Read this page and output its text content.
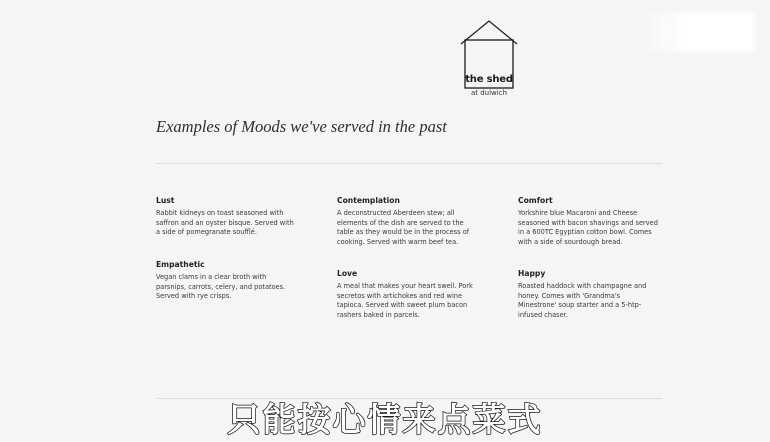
the shed
at dulwich
Examples of Moods we've served in the past
Lust
Rabbit kidneys on toast seasoned with saffron and an oyster bisque. Served with a side of pomegranate soufflé.
Empathetic
Vegan clams in a clear broth with parsnips, carrots, celery, and potatoes. Served with rye crisps.
Contemplation
A deconstructed Aberdeen stew; all elements of the dish are served to the table as they would be in the process of cooking. Served with warm beef tea.
Love
A meal that makes your heart swell. Pork secretos with artichokes and red wine tapioca. Served with sweet plum bacon rashers baked in parcels.
Comfort
Yorkshire blue Macaroni and Cheese seasoned with bacon shavings and served in a 600TC Egyptian cotton bowl. Comes with a side of sourdough bread.
Happy
Roasted haddock with champagne and honey. Comes with 'Grandma's Minestrone' soup starter and a 5-htp-infused chaser.
只能按心情来点菜式
